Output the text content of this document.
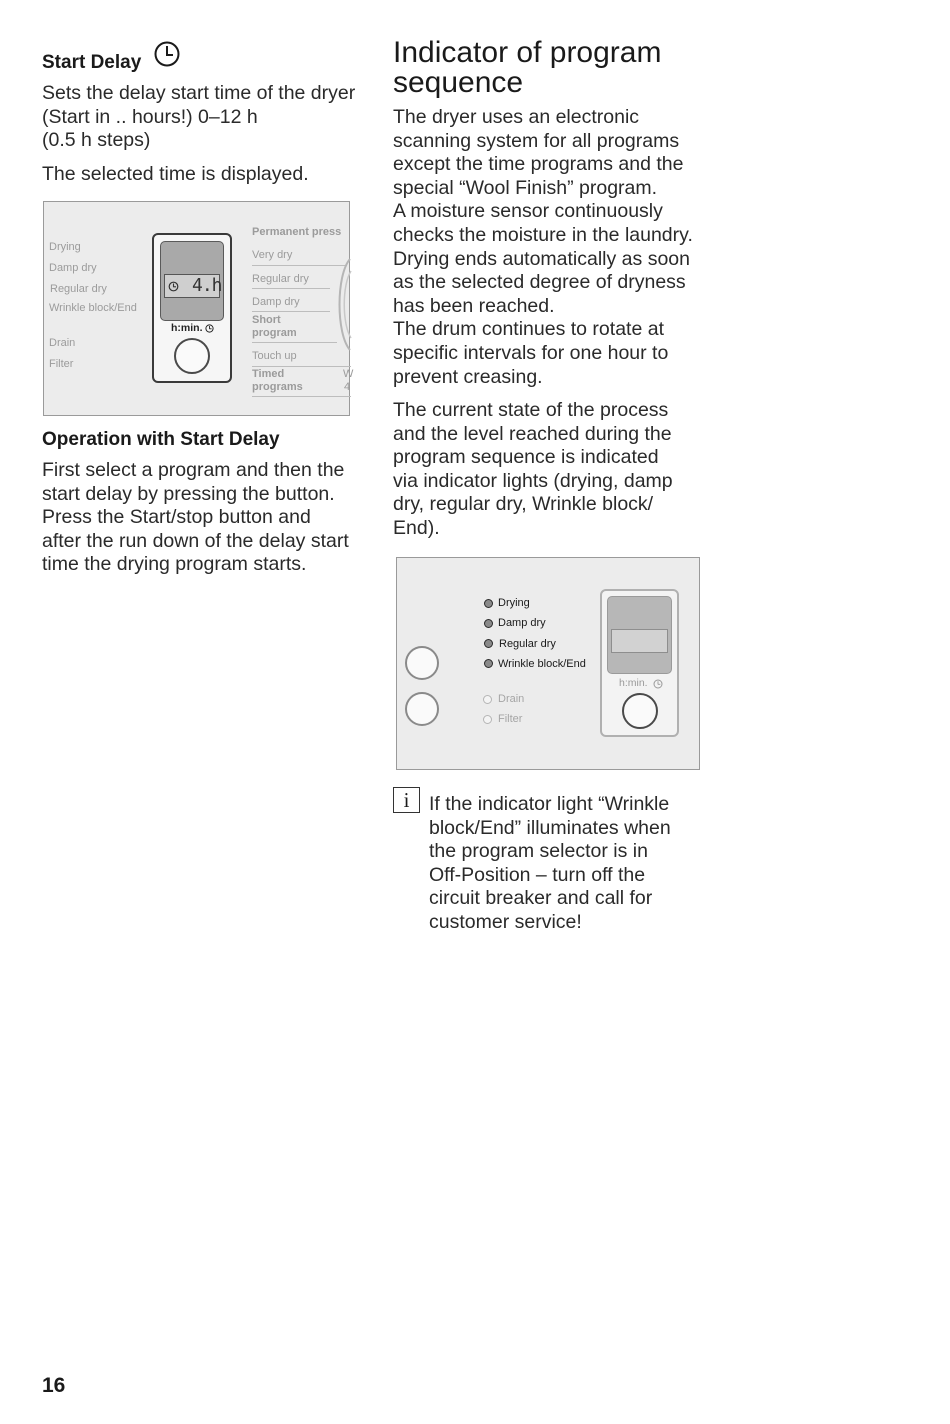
Start Delay
Sets the delay start time of the dryer
(Start in .. hours!) 0–12 h
(0.5 h steps)
The selected time is displayed.
Drying
Damp dry
Regular dry
Wrinkle block/End
Drain
Filter
4.h
h:min.
Permanent press
Very dry
Regular dry
Damp dry
Short
program
Touch up
Timed
programs
W
4
Operation with Start Delay
First select a program and then the
start delay by pressing the button.
Press the Start/stop button and
after the run down of the delay start
time the drying program starts.
Indicator of program
sequence
The dryer uses an electronic
scanning system for all programs
except the time programs and the
special “Wool Finish” program.
A moisture sensor continuously
checks the moisture in the laundry.
Drying ends automatically as soon
as the selected degree of dryness
has been reached.
The drum continues to rotate at
specific intervals for one hour to
prevent creasing.
The current state of the process
and the level reached during the
program sequence is indicated
via indicator lights (drying, damp
dry, regular dry, Wrinkle block/
End).
Drying
Damp dry
Regular dry
Wrinkle block/End
Drain
Filter
h:min.
i	If the indicator light “Wrinkle
block/End” illuminates when
the program selector is in
Off-Position – turn off the
circuit breaker and call for
customer service!
16
